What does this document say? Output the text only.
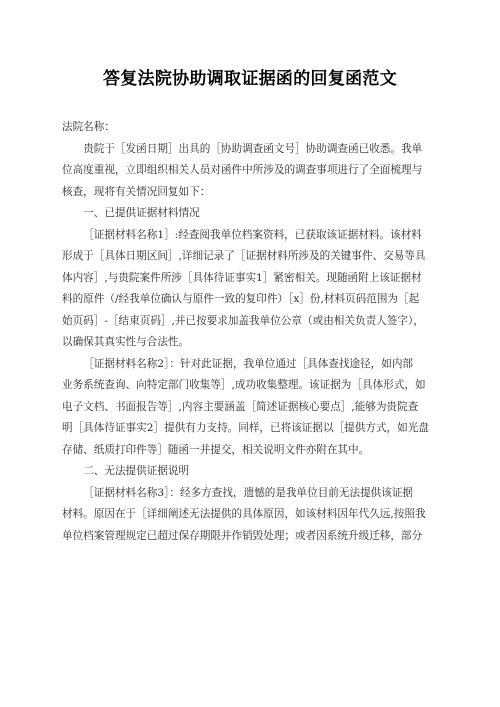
答复法院协助调取证据函的回复函范文

法院名称：

贵院于［发函日期］出具的［协助调查函文号］协助调查函已收悉。我单
位高度重视，立即组织相关人员对函件中所涉及的调查事项进行了全面梳理与
核查，现将有关情况回复如下：

一、已提供证据材料情况

［证据材料名称1］:经查阅我单位档案资料，已获取该证据材料。该材料
形成于［具体日期区间］,详细记录了［证据材料所涉及的关键事件、交易等具
体内容］,与贵院案件所涉［具体待证事实1］紧密相关。现随函附上该证据材
料的原件（/经我单位确认与原件一致的复印件）［x］份,材料页码范围为［起
始页码］-［结束页码］,并已按要求加盖我单位公章（或由相关负责人签字），
以确保其真实性与合法性。

［证据材料名称2］：针对此证据，我单位通过［具体查找途径，如内部
业务系统查询、向特定部门收集等］,成功收集整理。该证据为［具体形式，如
电子文档、书面报告等］,内容主要涵盖［简述证据核心要点］,能够为贵院查
明［具体待证事实2］提供有力支持。同样，已将该证据以［提供方式，如光盘
存储、纸质打印件等］随函一并提交，相关说明文件亦附在其中。

二、无法提供证据说明

［证据材料名称3］：经多方查找，遗憾的是我单位目前无法提供该证据
材料。原因在于［详细阐述无法提供的具体原因，如该材料因年代久远,按照我
单位档案管理规定已超过保存期限并作销毁处理；或者因系统升级迁移，部分
